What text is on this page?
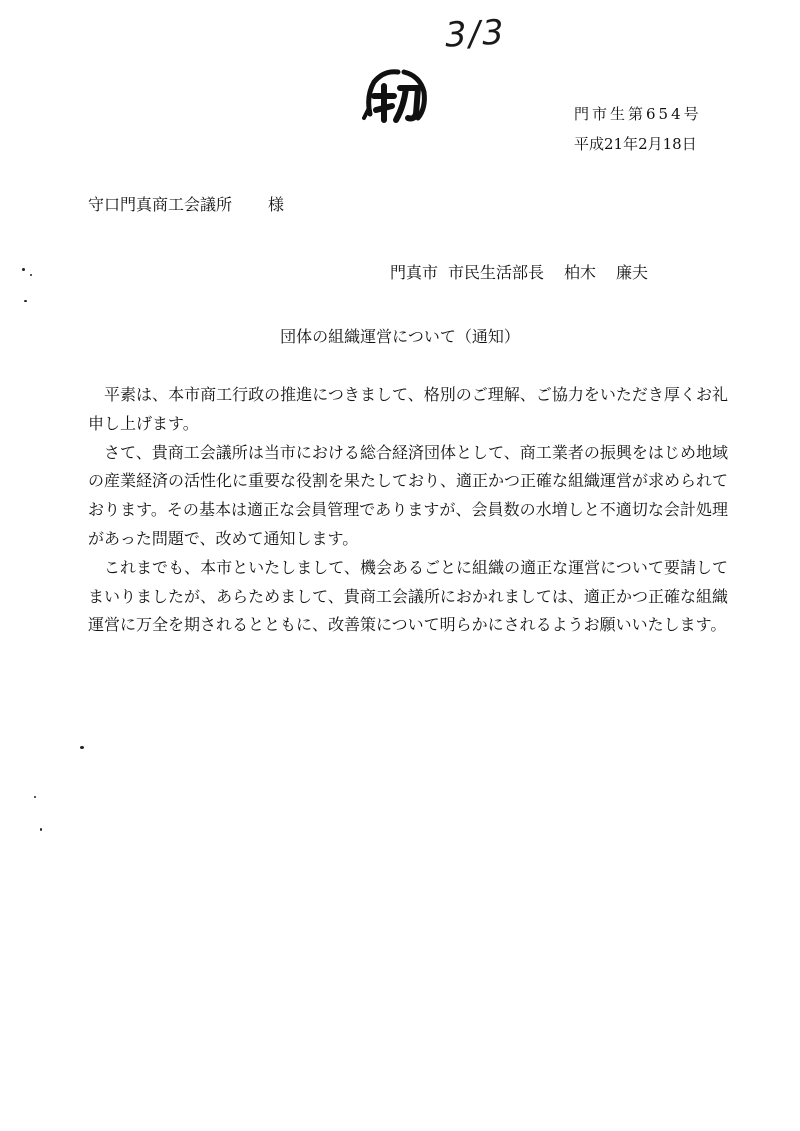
3/3
門市生第654号
平成21年2月18日
守口門真商工会議所 様
門真市 市民生活部長 柏木 廉夫
団体の組織運営について（通知）

平素は、本市商工行政の推進につきまして、格別のご理解、ご協力をいただき厚くお礼申し上げます。

さて、貴商工会議所は当市における総合経済団体として、商工業者の振興をはじめ地域の産業経済の活性化に重要な役割を果たしており、適正かつ正確な組織運営が求められております。その基本は適正な会員管理でありますが、会員数の水増しと不適切な会計処理があった問題で、改めて通知します。

これまでも、本市といたしまして、機会あるごとに組織の適正な運営について要請してまいりましたが、あらためまして、貴商工会議所におかれましては、適正かつ正確な組織運営に万全を期されるとともに、改善策について明らかにされるようお願いいたします。
